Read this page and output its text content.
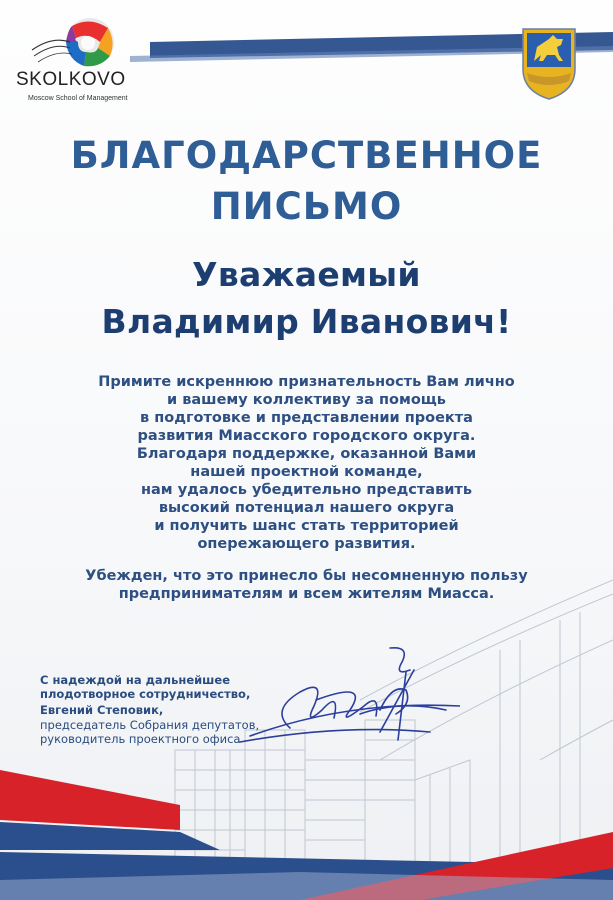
SKOLKOVO
Moscow School of Management
БЛАГОДАРСТВЕННОЕ
ПИСЬМО
Уважаемый
Владимир Иванович!
Примите искреннюю признательность Вам лично
и вашему коллективу за помощь
в подготовке и представлении проекта
развития Миасского городского округа.
Благодаря поддержке, оказанной Вами
нашей проектной команде,
нам удалось убедительно представить
высокий потенциал нашего округа
и получить шанс стать территорией
опережающего развития.
Убежден, что это принесло бы несомненную пользу
предпринимателям и всем жителям Миасса.
С надеждой на дальнейшее
плодотворное сотрудничество,
Евгений Степовик,
председатель Собрания депутатов,
руководитель проектного офиса
